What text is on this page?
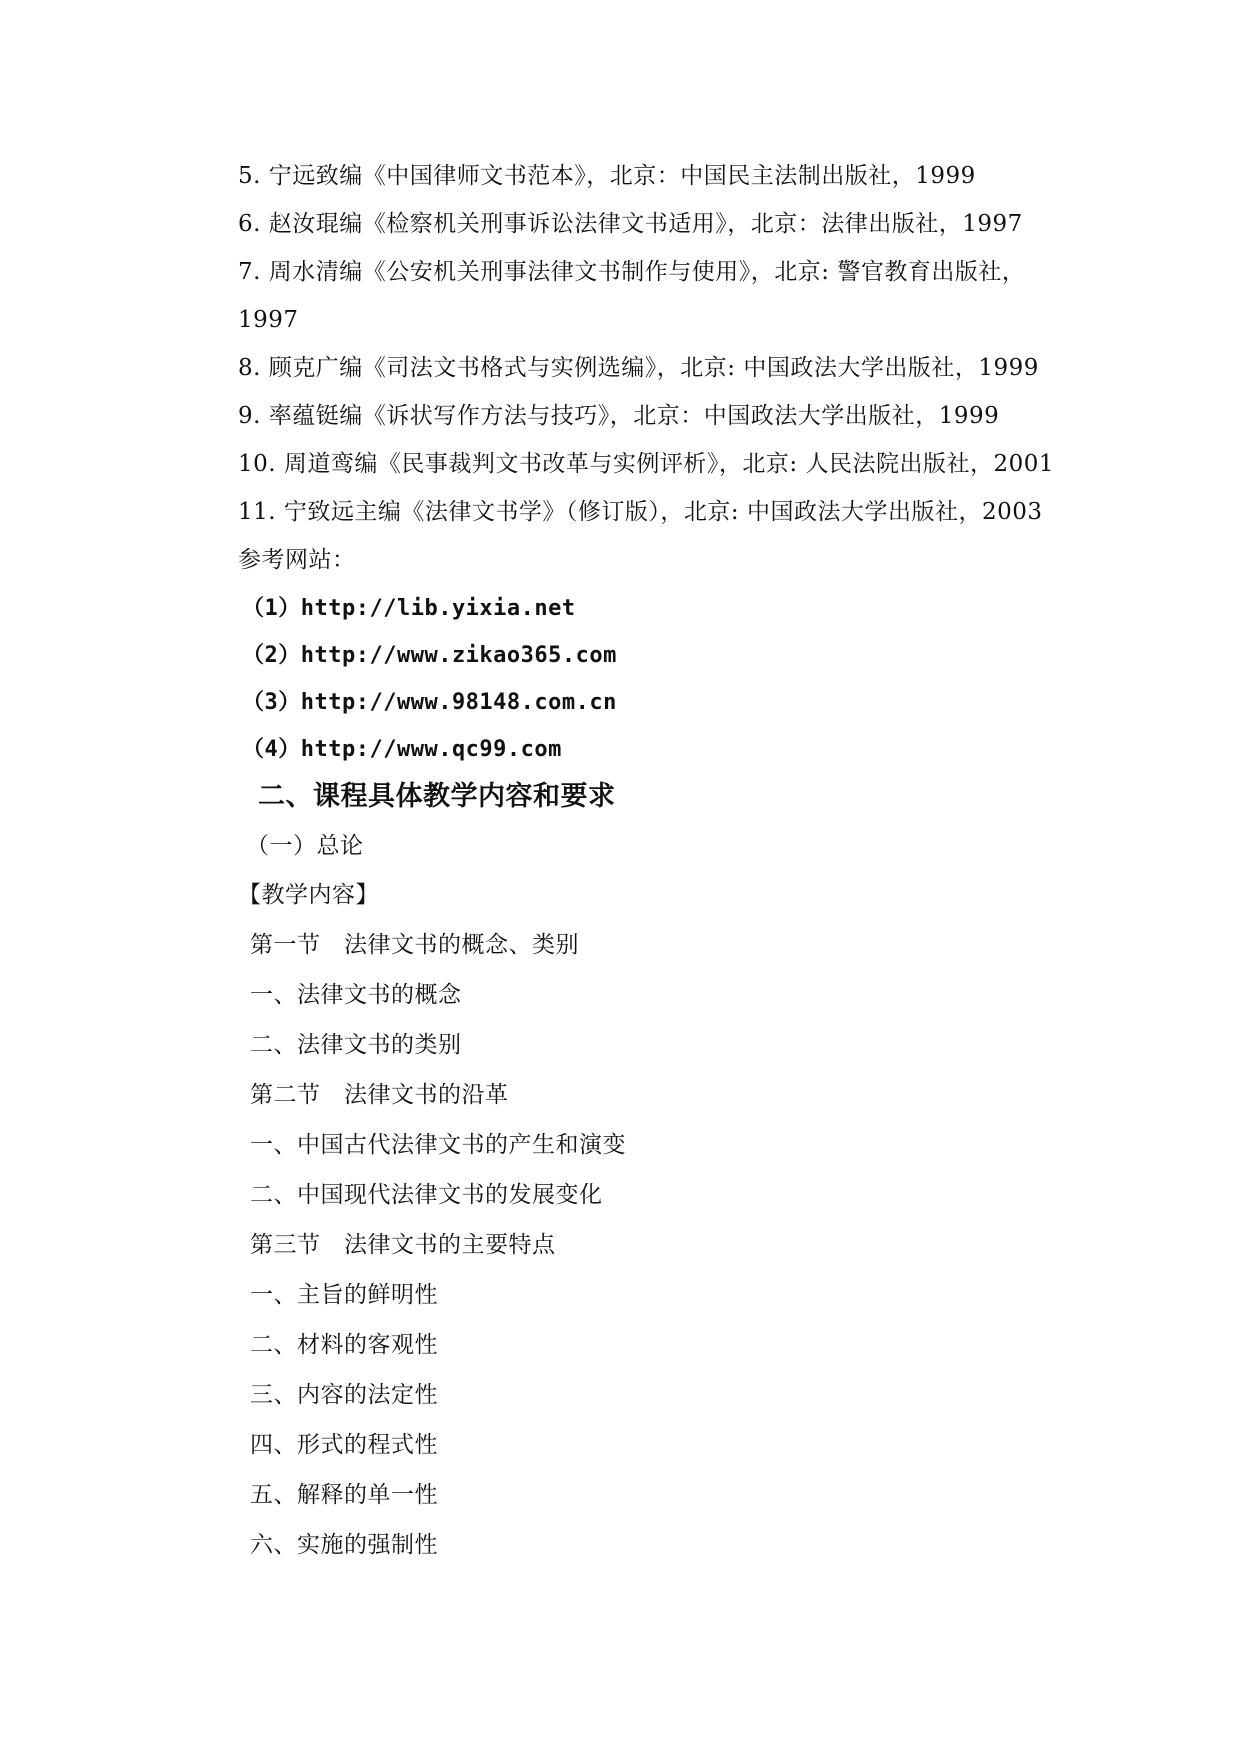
5. 宁远致编《中国律师文书范本》，北京：中国民主法制出版社，1999
6. 赵汝琨编《检察机关刑事诉讼法律文书适用》，北京：法律出版社，1997
7. 周水清编《公安机关刑事法律文书制作与使用》，北京: 警官教育出版社，
1997
8. 顾克广编《司法文书格式与实例选编》，北京: 中国政法大学出版社，1999
9. 率蕴铤编《诉状写作方法与技巧》，北京：中国政法大学出版社，1999
10. 周道鸾编《民事裁判文书改革与实例评析》，北京: 人民法院出版社，2001
11. 宁致远主编《法律文书学》（修订版），北京: 中国政法大学出版社，2003
参考网站：
（1）http://lib.yixia.net
（2）http://www.zikao365.com
（3）http://www.98148.com.cn
（4）http://www.qc99.com
二、课程具体教学内容和要求
（一）总论
【教学内容】
第一节　法律文书的概念、类别
一、法律文书的概念
二、法律文书的类别
第二节　法律文书的沿革
一、中国古代法律文书的产生和演变
二、中国现代法律文书的发展变化
第三节　法律文书的主要特点
一、主旨的鲜明性
二、材料的客观性
三、内容的法定性
四、形式的程式性
五、解释的单一性
六、实施的强制性
